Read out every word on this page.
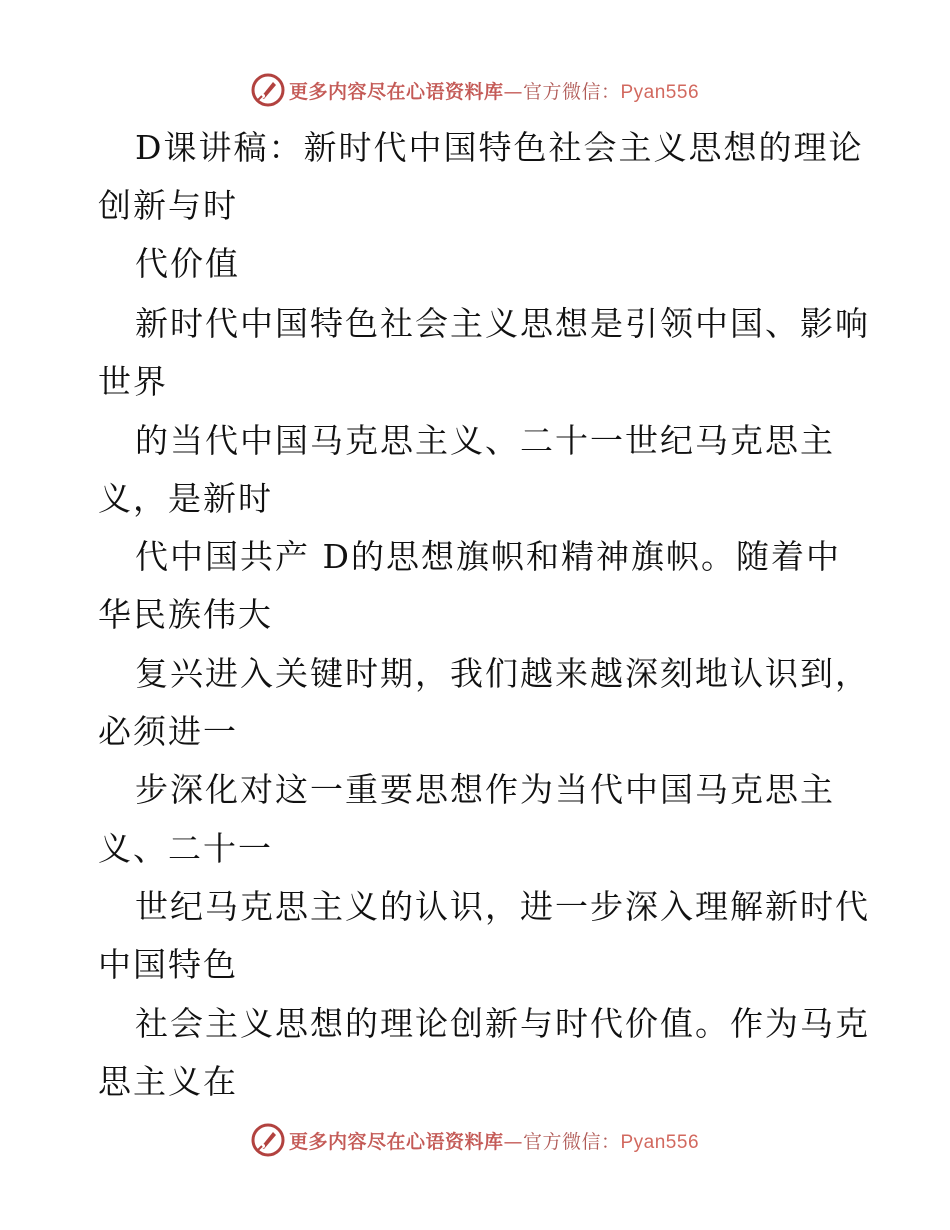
更多内容尽在心语资料库—官方微信：Pyan556
D课讲稿：新时代中国特色社会主义思想的理论
创新与时
代价值
新时代中国特色社会主义思想是引领中国、影响
世界
的当代中国马克思主义、二十一世纪马克思主
义，是新时
代中国共产 D的思想旗帜和精神旗帜。随着中
华民族伟大
复兴进入关键时期，我们越来越深刻地认识到，
必须进一
步深化对这一重要思想作为当代中国马克思主
义、二十一
世纪马克思主义的认识，进一步深入理解新时代
中国特色
社会主义思想的理论创新与时代价值。作为马克
思主义在
更多内容尽在心语资料库—官方微信：Pyan556
